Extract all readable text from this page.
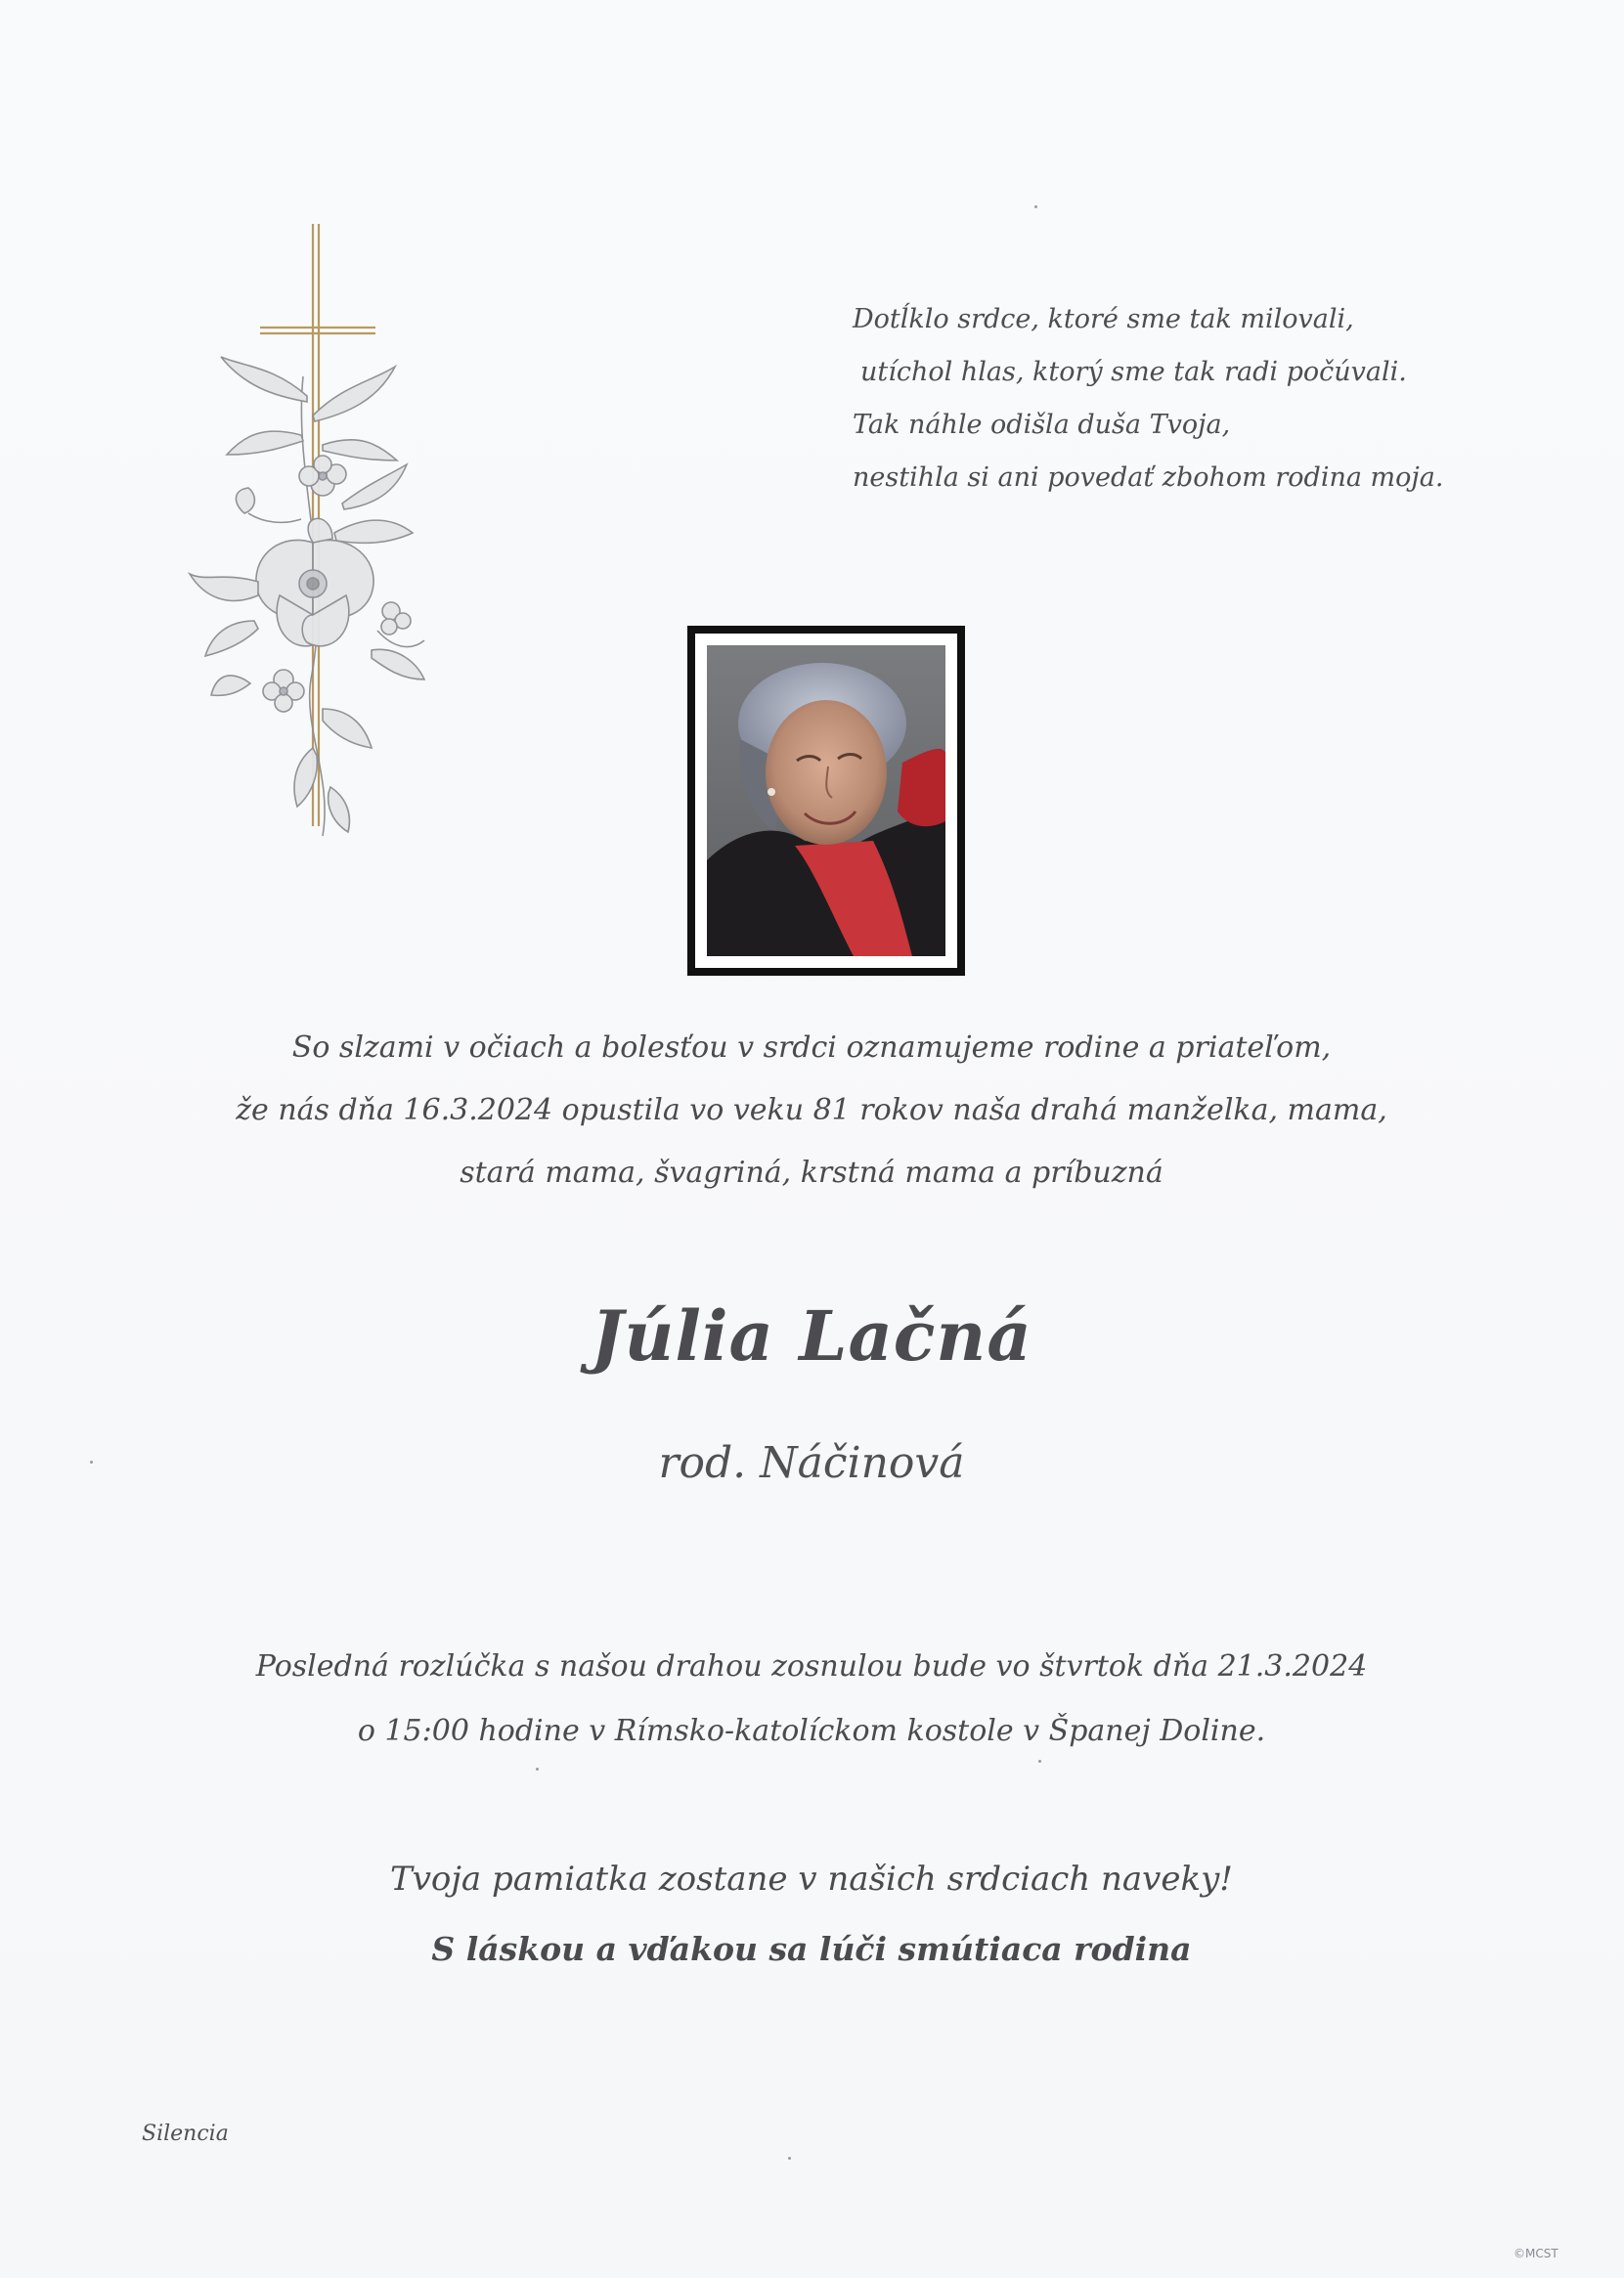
Dotĺklo srdce, ktoré sme tak milovali,
utíchol hlas, ktorý sme tak radi počúvali.
Tak náhle odišla duša Tvoja,
nestihla si ani povedať zbohom rodina moja.
So slzami v očiach a bolesťou v srdci oznamujeme rodine a priateľom,
že nás dňa 16.3.2024 opustila vo veku 81 rokov naša drahá manželka, mama,
stará mama, švagriná, krstná mama a príbuzná
Júlia Lačná
rod. Náčinová
Posledná rozlúčka s našou drahou zosnulou bude vo štvrtok dňa 21.3.2024
o 15:00 hodine v Rímsko-katolíckom kostole v Španej Doline.
Tvoja pamiatka zostane v našich srdciach naveky!
S láskou a vďakou sa lúči smútiaca rodina
Silencia
©MCST
